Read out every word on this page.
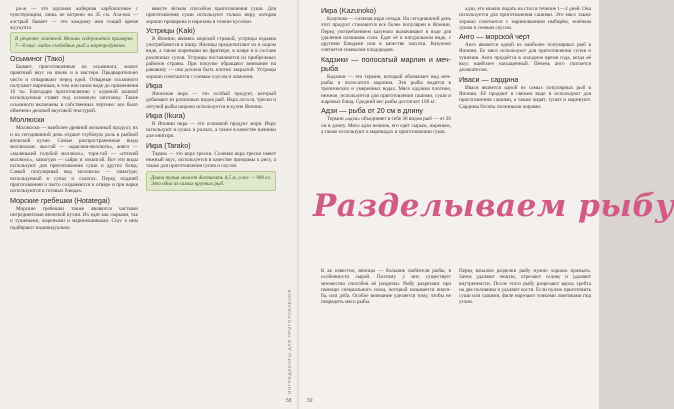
ра-ж — это крупная жаберная карбонатовое с чувствующим, лишь не вотрено на 45 см. Аза-ока — алстрый бывает — это каждому имя тощий время жуукучто.

В рецепте жителей Японии содержатся примерно 7—8 тыс. видов съедобных рыб и морепродуктов.

Осьминог (Тако)

Бывает, приготовленные из осьминога, может приятный вкус на языке и в мастере. Предварительно чисто и отваривают перед едой. Отварные осьминоги получают нарезным, в том или ином виде до применения 10 ты. Благодаря приготовлению с куриной кошкой используемые ставят под основную заготовку. Такие осьминоги включены в собственных чертеже: все было обмечено деловой вкусовой текстурой.

Моллюски

Моллюски — наиболее древний желанный продукт, их и на сегодняшний день отдают глубокую роль в рыбной японской кухне. Самые распространенные виды моллюсков: ака-гай — «красная-моллюск», аояги — «маленький голубой моллюск», тори-гай — «птичий моллюск», хамагури — сайри и хоккигай. Все эти виды используют для приготовления суши и других блюд. Самый популярный вид моллюска — хамагури, используемый в супах и салатах. Перед подачей приготовления и часто сохраняются в отваре и при варке используются в готовых блюдах.

Морские гребешки (Hotategai)

Морские гребешки также являются частыми ингредиентами японской кухни. Их едят как сырыми, так и тушеными, жареными и маринованными. Соус к ним подбирают индивидуально.

вместе лёгким способом приготовления суши. Для приготовления суши используют только икру, которая хорошо проварена и нарезана в тонкие кусочки.

Устрицы (Kaki)

В Японии, являясь морской страной, устрицы издавна употребляются в пищу. Японцы предпочитают их в сыром виде, а также жареными во фритюре, в кляре и в составе различных супов. Устрицы поставляются из прибрежных районов страны. При покупке обращают внимание на раковину — она должна быть плотно закрытой. Устрицы хорошо сочетаются с соевым соусом и лимоном.

Икра

Японская икра — это особый продукт, который добывают из различных видов рыб. Икра лосося, трески и летучей рыбы широко используется в кухне Японии.

Икра (Ikura)

В Японии икра — это основной продукт моря. Икру используют в сушах и роллах, а также в качестве начинки для онигири.

Икра (Tarako)

Тарако — это икра трески. Соленая икра трески имеет нежный вкус, используется в качестве приправы к рису, а также для приготовления супов и соусов.

Длина тунца может достигать 4,5 м, а вес — 900 кг. Это одна из самых крупных рыб.

ИНГРЕДИЕНТЫ ДЛЯ ПРИГОТОВЛЕНИЯ
58

Икра (Kazunoko)

Казуноко — соленая икра сельди. На сегодняшний день этот продукт становится все более популярен в Японии. Перед употреблением казуноко вымачивают в воде для удаления излишков соли. Едят её в натуральном виде, с другими блюдами или в качестве закуски. Казуноко считается символом плодородия.

Кадзики — полосатый марлин и меч-рыба

Кадзики — это термин, который обозначает вид меч-рыбы и полосатого марлина. Эти рыбы водятся в тропических и умеренных водах. Мясо кадзики плотное, нежное, используется для приготовления сашими, суши и жареных блюд. Средний вес рыбы достигает 100 кг.

Адзи — рыба от 20 см в длину

Термин «адзи» объединяет в себе 30 видов рыб — от 20 см в длину. Мясо адзи нежное, его едят сырым, жареным, а также используют в маринадах и приготовлении суши.

адзи, его можно подать на стол в течение 1—2 дней. Она используется для приготовления сашими. Это мясо также хорошо сочетается с маринованным имбирём, зелёным луком и соевым соусом.

Анго — морской черт

Анго является одной из наиболее популярных рыб в Японии. Ее мясо используют для приготовления супов и тушения. Анго продаётся в холодное время года, когда её вкус наиболее насыщенный. Печень анго считается деликатесом.

Иваси — сардина

Иваси является одной из самых популярных рыб в Японии. Её продают в свежем виде и используют для приготовления сашими, а также жарят, тушат и маринуют. Сардины богаты полезными жирами.

Разделываем рыбу

К ак известно, японцы — большие любители рыбы, в особенности сырой. Поэтому у них существует множество способов её разделки. Рыбу разрезают при помощи специального ножа, который называется янаги-ба, или дэба. Особое внимание уделяется тому, чтобы не повредить мясо рыбы.

Перед началом разделки рыбу нужно хорошо промыть. Затем удаляют чешую, отрезают голову и удаляют внутренности. После этого рыбу разрезают вдоль хребта на две половины и удаляют кости. Если нужно приготовить суши или сашими, филе нарезают тонкими ломтиками под углом.

59
